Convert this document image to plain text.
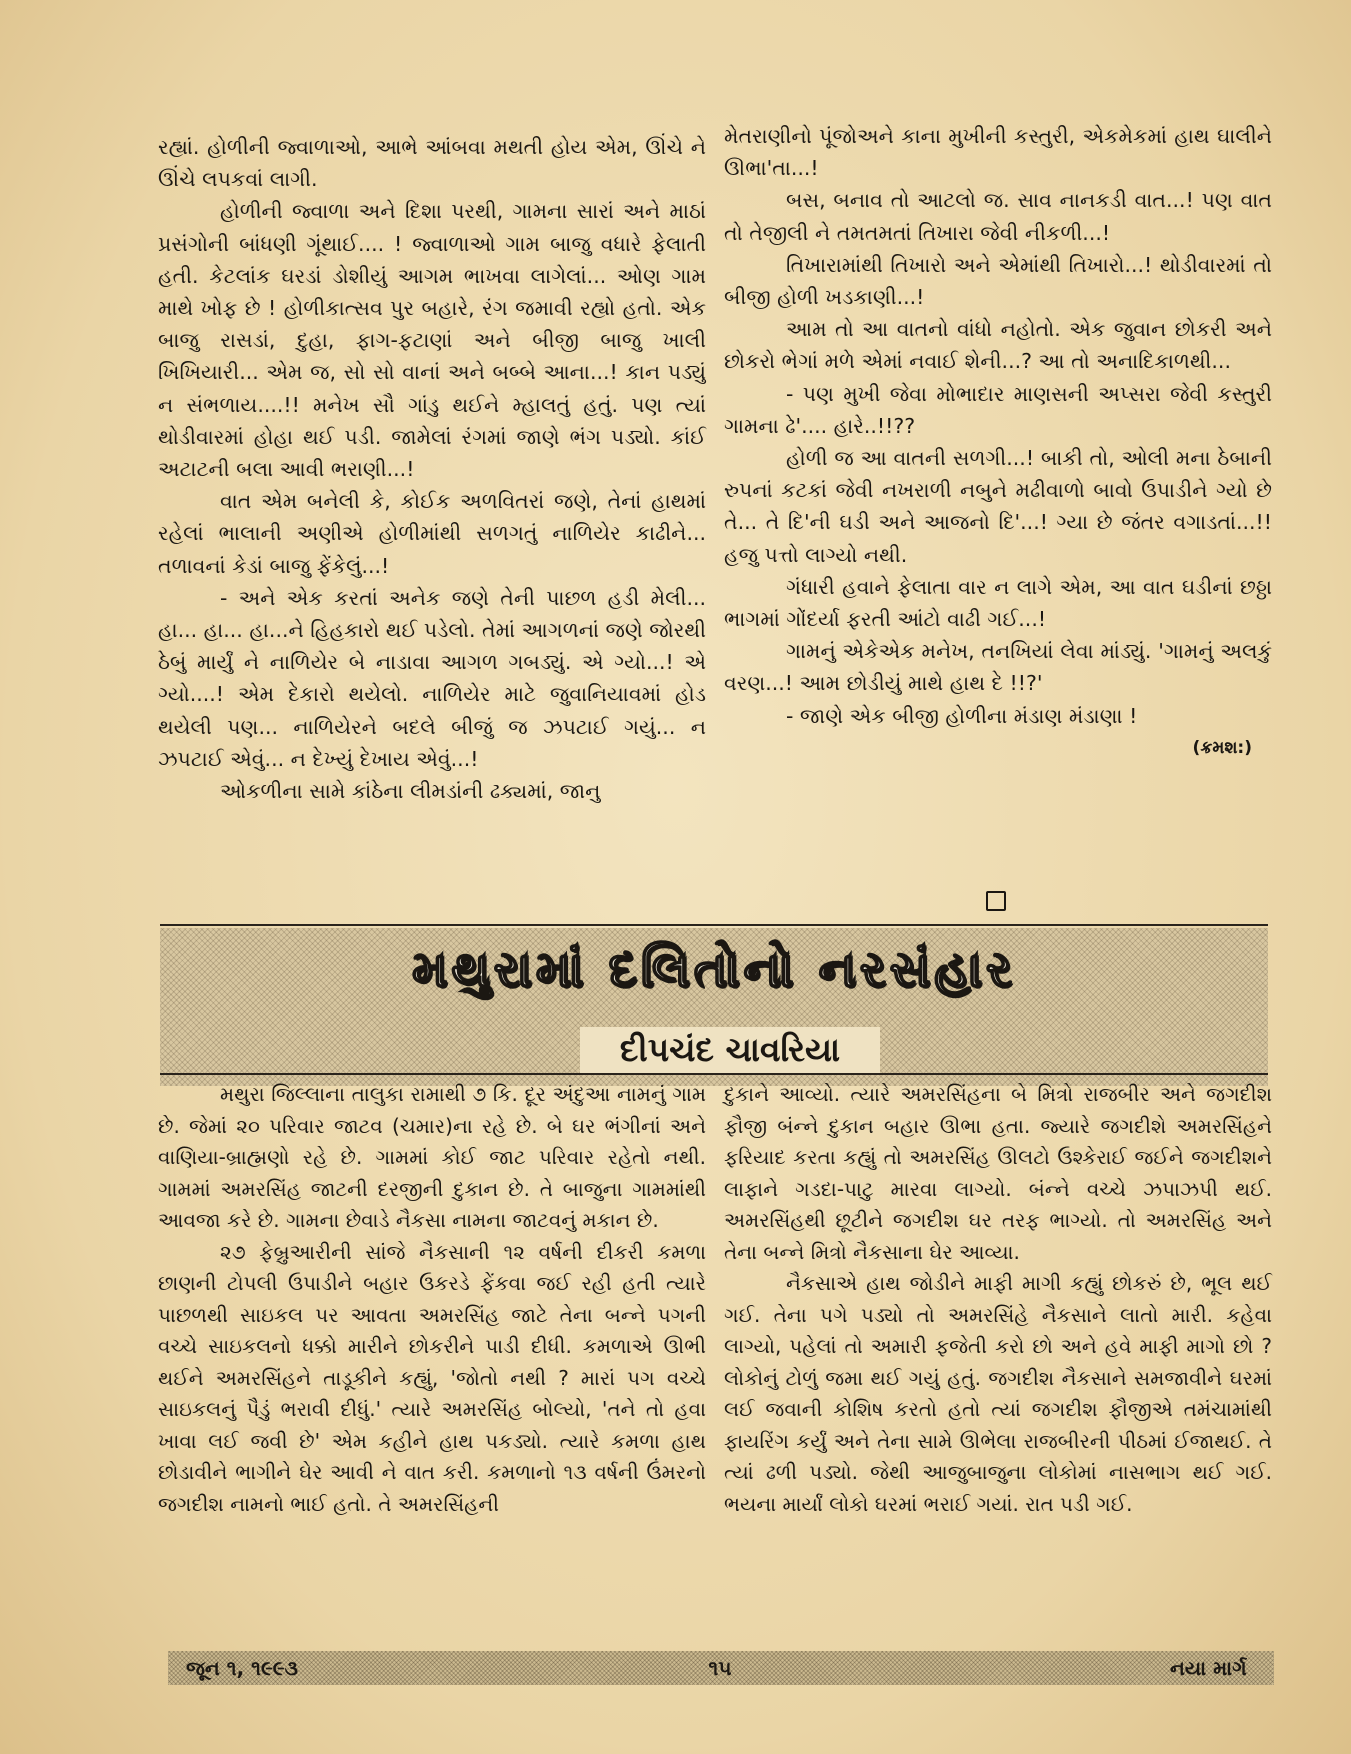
રહ્યાં. હોળીની જ્વાળાઓ, આભે આંબવા મથતી હોય એમ, ઊંચે ને ઊંચે લપકવાં લાગી.

હોળીની જ્વાળા અને દિશા પરથી, ગામના સારાં અને માઠાં પ્રસંગોની બાંધણી ગૂંથાઈ.... ! જ્વાળાઓ ગામ બાજુ વધારે ફેલાતી હતી. કેટલાંક ઘરડાં ડોશીયું આગમ ભાખવા લાગેલાં... ઓણ ગામ માથે ખોફ છે ! હોળીકાત્સવ પુર બહારે, રંગ જમાવી રહ્યો હતો. એક બાજુ રાસડાં, દુહા, ફાગ-ફટાણાં અને બીજી બાજુ ખાલી ખિખિયારી... એમ જ, સો સો વાનાં અને બબ્બે આના...! કાન પડ્યું ન સંભળાય....!! મનેખ સૌ ગાંડુ થઈને મ્હાલતું હતું. પણ ત્યાં થોડીવારમાં હોહા થઈ પડી. જામેલાં રંગમાં જાણે ભંગ પડ્યો. કાંઈ અટાટની બલા આવી ભરાણી...!

વાત એમ બનેલી કે, કોઈક અળવિતરાં જણે, તેનાં હાથમાં રહેલાં ભાલાની અણીએ હોળીમાંથી સળગતું નાળિયેર કાઢીને... તળાવનાં કેડાં બાજુ ફેંકેલું...!

- અને એક કરતાં અનેક જણે તેની પાછળ હડી મેલી... હા... હા... હા...ને હિહકારો થઈ પડેલો. તેમાં આગળનાં જણે જોરથી ઠેબું માર્યું ને નાળિયેર બે નાડાવા આગળ ગબડ્યું. એ ગ્યો...! એ ગ્યો....! એમ દેકારો થયેલો. નાળિયેર માટે જુવાનિયાવમાં હોડ થયેલી પણ... નાળિયેરને બદલે બીજું જ ઝપટાઈ ગયું... ન ઝપટાઈ એવું... ન દેખ્યું દેખાય એવું...!

ઓકળીના સામે કાંઠેના લીમડાંની ઢક્યમાં, જાનુ

મેતરાણીનો પૂંજોઅને કાના મુખીની કસ્તુરી, એકમેકમાં હાથ ઘાલીને ઊભા'તા...!

બસ, બનાવ તો આટલો જ. સાવ નાનકડી વાત...! પણ વાત તો તેજીલી ને તમતમતાં તિખારા જેવી નીકળી...!

તિખારામાંથી તિખારો અને એમાંથી તિખારો...! થોડીવારમાં તો બીજી હોળી ખડકાણી...!

આમ તો આ વાતનો વાંધો નહોતો. એક જુવાન છોકરી અને છોકરો ભેગાં મળે એમાં નવાઈ શેની...? આ તો અનાદિકાળથી...

- પણ મુખી જેવા મોભાદાર માણસની અપ્સરા જેવી કસ્તુરી ગામના ઢે'.... હારે..!!??

હોળી જ આ વાતની સળગી...! બાકી તો, ઓલી મના ઠેબાની રુપનાં કટકાં જેવી નખરાળી નબુને મઢીવાળો બાવો ઉપાડીને ગ્યો છે તે... તે દિ'ની ઘડી અને આજનો દિ'...! ગ્યા છે જંતર વગાડતાં...!! હજુ પત્તો લાગ્યો નથી.

ગંધારી હવાને ફેલાતા વાર ન લાગે એમ, આ વાત ઘડીનાં છઠ્ઠા ભાગમાં ગોંદર્યા ફરતી આંટો વાઢી ગઈ...!

ગામનું એકેએક મનેખ, તનખિયાં લેવા માંડ્યું. 'ગામનું અલકું વરણ...! આમ છોડીયું માથે હાથ દે !!?'

- જાણે એક બીજી હોળીના મંડાણ મંડાણા !

(ક્રમશ:)

મથુરામાં દલિતોનો નરસંહાર
દીપચંદ ચાવરિયા

મથુરા જિલ્લાના તાલુકા રામાથી ૭ કિ. દૂર અંદુઆ નામનું ગામ છે. જેમાં ૨૦ પરિવાર જાટવ (ચમાર)ના રહે છે. બે ઘર ભંગીનાં અને વાણિયા-બ્રાહ્મણો રહે છે. ગામમાં કોઈ જાટ પરિવાર રહેતો નથી. ગામમાં અમરસિંહ જાટની દરજીની દુકાન છે. તે બાજુના ગામમાંથી આવજા કરે છે. ગામના છેવાડે નૈકસા નામના જાટવનું મકાન છે.

૨૭ ફેબ્રુઆરીની સાંજે નૈકસાની ૧૨ વર્ષની દીકરી કમળા છાણની ટોપલી ઉપાડીને બહાર ઉકરડે ફેંકવા જઈ રહી હતી ત્યારે પાછળથી સાઇકલ પર આવતા અમરસિંહ જાટે તેના બન્ને પગની વચ્ચે સાઇકલનો ધક્કો મારીને છોકરીને પાડી દીધી. કમળાએ ઊભી થઈને અમરસિંહને તાડૂકીને કહ્યું, 'જોતો નથી ? મારાં પગ વચ્ચે સાઇકલનું પૈડું ભરાવી દીધું.' ત્યારે અમરસિંહ બોલ્યો, 'તને તો હવા ખાવા લઈ જવી છે' એમ કહીને હાથ પકડ્યો. ત્યારે કમળા હાથ છોડાવીને ભાગીને ઘેર આવી ને વાત કરી. કમળાનો ૧૩ વર્ષની ઉંમરનો જગદીશ નામનો ભાઈ હતો. તે અમરસિંહની

દુકાને આવ્યો. ત્યારે અમરસિંહના બે મિત્રો રાજબીર અને જગદીશ ફૌજી બંન્ને દુકાન બહાર ઊભા હતા. જ્યારે જગદીશે અમરસિંહને ફરિયાદ કરતા કહ્યું તો અમરસિંહ ઊલટો ઉશ્કેરાઈ જઈને જગદીશને લાફાને ગડદા-પાટુ મારવા લાગ્યો. બંન્ને વચ્ચે ઝપાઝપી થઈ. અમરસિંહથી છૂટીને જગદીશ ઘર તરફ ભાગ્યો. તો અમરસિંહ અને તેના બન્ને મિત્રો નૈકસાના ઘેર આવ્યા.

નૈકસાએ હાથ જોડીને માફી માગી કહ્યું છોકરું છે, ભૂલ થઈ ગઈ. તેના પગે પડ્યો તો અમરસિંહે નૈકસાને લાતો મારી. કહેવા લાગ્યો, પહેલાં તો અમારી ફજેતી કરો છો અને હવે માફી માગો છો ? લોકોનું ટોળું જમા થઈ ગયું હતું. જગદીશ નૈકસાને સમજાવીને ઘરમાં લઈ જવાની કોશિષ કરતો હતો ત્યાં જગદીશ ફૌજીએ તમંચામાંથી ફાયરિંગ કર્યું અને તેના સામે ઊભેલા રાજબીરની પીઠમાં ઈજાથઈ. તે ત્યાં ઢળી પડ્યો. જેથી આજુબાજુના લોકોમાં નાસભાગ થઈ ગઈ. ભયના માર્યાં લોકો ઘરમાં ભરાઈ ગયાં. રાત પડી ગઈ.

જૂન ૧, ૧૯૯૩	૧૫	નયા માર્ગ
